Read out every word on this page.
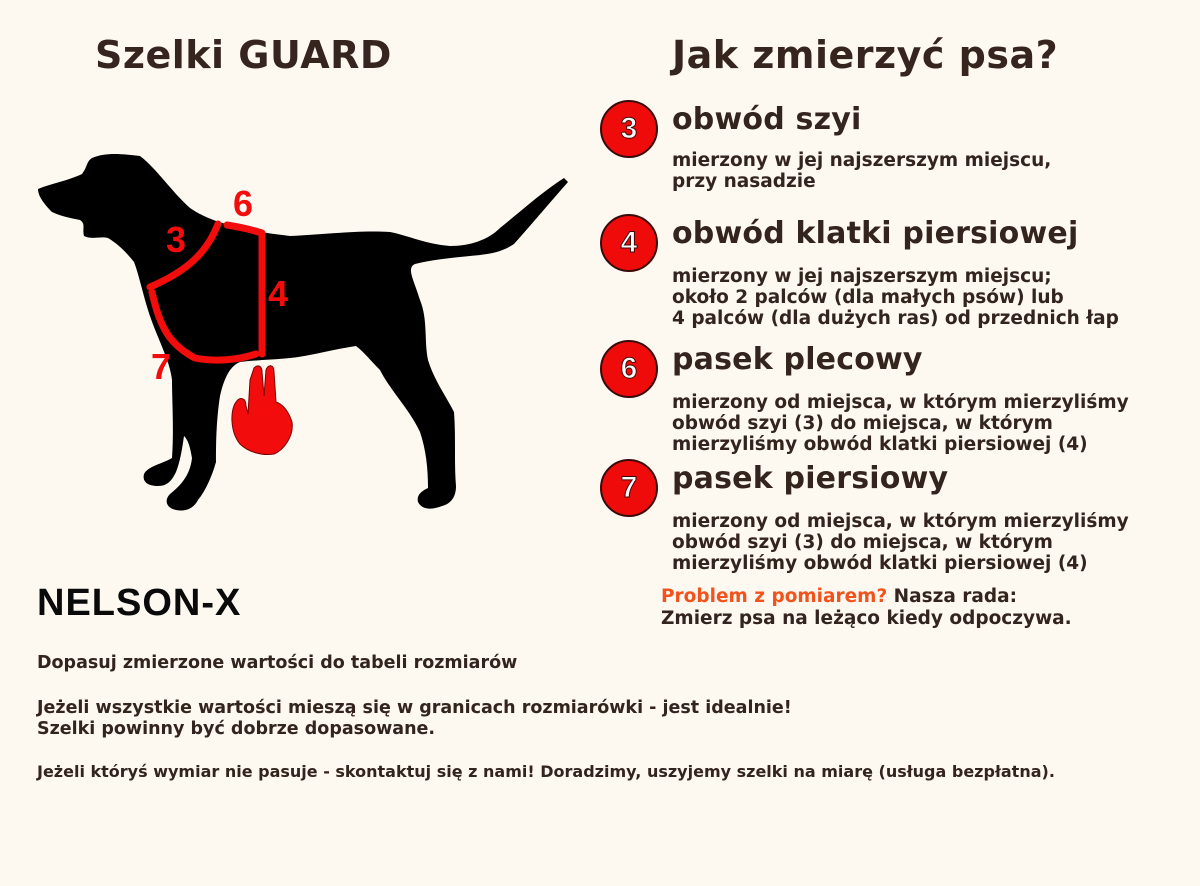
Szelki GUARD	Jak zmierzyć psa?
3
6
4
7
3	obwód szyi
mierzony w jej najszerszym miejscu,
przy nasadzie
4	obwód klatki piersiowej
mierzony w jej najszerszym miejscu;
około 2 palców (dla małych psów) lub
4 palców (dla dużych ras) od przednich łap
6	pasek plecowy
mierzony od miejsca, w którym mierzyliśmy
obwód szyi (3) do miejsca, w którym
mierzyliśmy obwód klatki piersiowej (4)
7	pasek piersiowy
mierzony od miejsca, w którym mierzyliśmy
obwód szyi (3) do miejsca, w którym
mierzyliśmy obwód klatki piersiowej (4)
Problem z pomiarem? Nasza rada:
Zmierz psa na leżąco kiedy odpoczywa.
NELSON-X
Dopasuj zmierzone wartości do tabeli rozmiarów
Jeżeli wszystkie wartości mieszą się w granicach rozmiarówki - jest idealnie!
Szelki powinny być dobrze dopasowane.
Jeżeli któryś wymiar nie pasuje - skontaktuj się z nami! Doradzimy, uszyjemy szelki na miarę (usługa bezpłatna).
